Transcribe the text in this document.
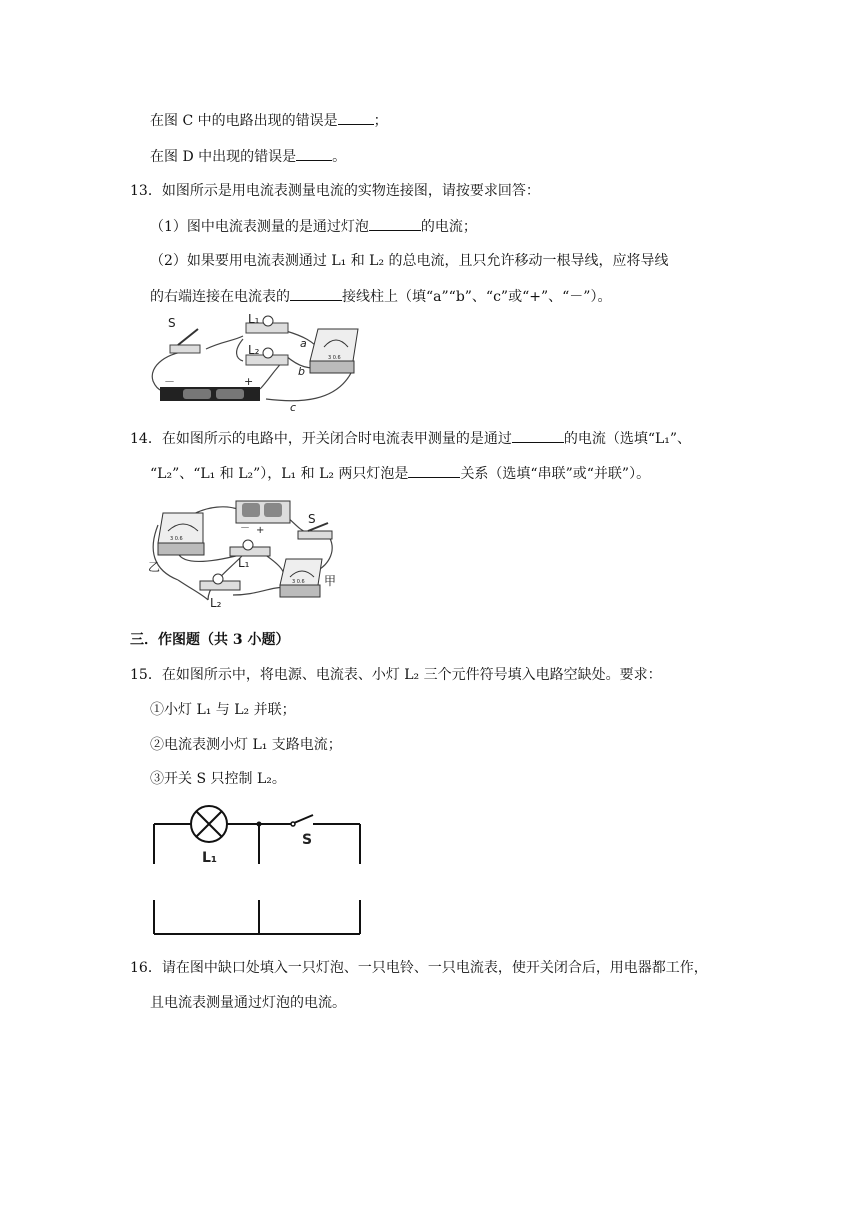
在图 C 中的电路出现的错误是	；
在图 D 中出现的错误是	。
13．如图所示是用电流表测量电流的实物连接图，请按要求回答：
（1）图中电流表测量的是通过灯泡	的电流；
（2）如果要用电流表测通过 L₁ 和 L₂ 的总电流，且只允许移动一根导线，应将导线
的右端连接在电流表的	接线柱上（填“a”“b”、“c”或“+”、“－”）。
3 0.6
S	L₁
L₂	a
b
c
－	+
14．在如图所示的电路中，开关闭合时电流表甲测量的是通过	的电流（选填“L₁”、
“L₂”、“L₁ 和 L₂”），L₁ 和 L₂ 两只灯泡是	关系（选填“串联”或“并联”）。
3 0.6
3 0.6
L₁
L₂
S
甲
乙
－ +
三．作图题（共 3 小题）
15．在如图所示中，将电源、电流表、小灯 L₂ 三个元件符号填入电路空缺处。要求：
①小灯 L₁ 与 L₂ 并联；
②电流表测小灯 L₁ 支路电流；
③开关 S 只控制 L₂。
L₁
S
16．请在图中缺口处填入一只灯泡、一只电铃、一只电流表，使开关闭合后，用电器都工作，
且电流表测量通过灯泡的电流。
